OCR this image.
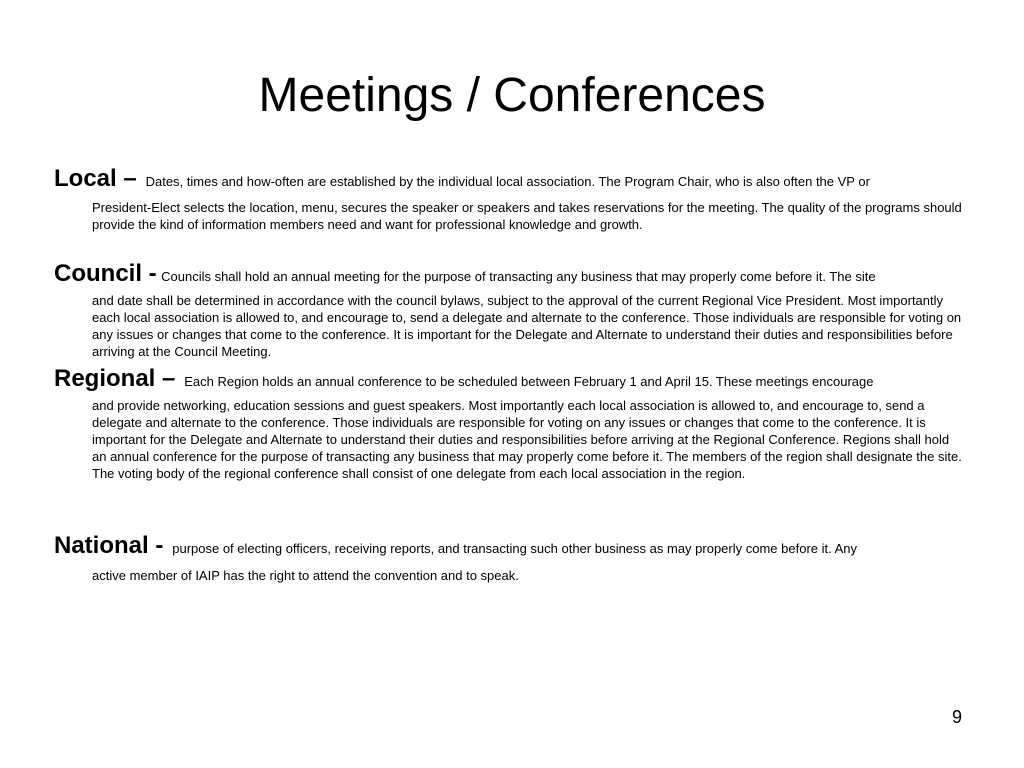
Meetings / Conferences
Local – Dates, times and how-often are established by the individual local association. The Program Chair, who is also often the VP or
President-Elect selects the location, menu, secures the speaker or speakers and takes reservations for the meeting. The quality of the programs should provide the kind of information members need and want for professional knowledge and growth.
Council - Councils shall hold an annual meeting for the purpose of transacting any business that may properly come before it. The site
and date shall be determined in accordance with the council bylaws, subject to the approval of the current Regional Vice President. Most importantly each local association is allowed to, and encourage to, send a delegate and alternate to the conference. Those individuals are responsible for voting on any issues or changes that come to the conference. It is important for the Delegate and Alternate to understand their duties and responsibilities before arriving at the Council Meeting.
Regional – Each Region holds an annual conference to be scheduled between February 1 and April 15. These meetings encourage
and provide networking, education sessions and guest speakers. Most importantly each local association is allowed to, and encourage to, send a delegate and alternate to the conference. Those individuals are responsible for voting on any issues or changes that come to the conference. It is important for the Delegate and Alternate to understand their duties and responsibilities before arriving at the Regional Conference. Regions shall hold an annual conference for the purpose of transacting any business that may properly come before it. The members of the region shall designate the site. The voting body of the regional conference shall consist of one delegate from each local association in the region.
National - purpose of electing officers, receiving reports, and transacting such other business as may properly come before it. Any
active member of IAIP has the right to attend the convention and to speak.
9
